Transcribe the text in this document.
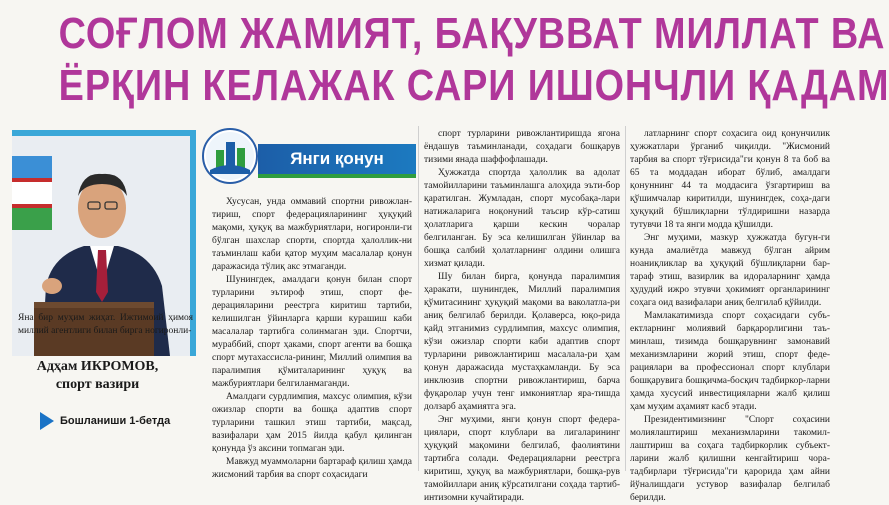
СОҒЛОМ ЖАМИЯТ, БАҚУВВАТ МИЛЛАТ ВА
ЁРҚИН КЕЛАЖАК САРИ ИШОНЧЛИ ҚАДАМ
Адҳам ИКРОМОВ,
спорт вазири
Бошланиши 1-бетда
Яна бир муҳим жиҳат. Ижтимоий ҳимоя миллий агентлиги билан бирга ногиронли-
Янги қонун

Хусусан, унда оммавий спортни ривожлан-тириш, спорт федерацияларининг ҳуқуқий мақоми, ҳуқуқ ва мажбуриятлари, ногиронли-ги бўлган шахслар спорти, спортда ҳалоллик-ни таъминлаш каби қатор муҳим масалалар қонун даражасида тўлиқ акс этмаганди.

Шунингдек, амалдаги қонун билан спорт турларини эътироф этиш, спорт фе-дерацияларини реестрга киритиш тартиби, келишилган ўйинларга қарши курашиш каби масалалар тартибга солинмаган эди. Спортчи, мураббий, спорт ҳаками, спорт агенти ва бошқа спорт мутахассисла-рининг, Миллий олимпия ва паралимпия қўмиталарининг ҳуқуқ ва мажбуриятлари белгиланмаганди.

Амалдаги сурдлимпия, махсус олимпия, кўзи ожизлар спорти ва бошқа адаптив спорт турларини ташкил этиш тартиби, мақсад, вазифалари ҳам 2015 йилда қабул қилинган қонунда ўз аксини топмаган эди.

Мавжуд муаммоларни бартараф қилиш ҳамда жисмоний тарбия ва спорт соҳасидаги

спорт турларини ривожлантиришда ягона ёндашув таъминланади, соҳадаги бошқарув тизими янада шаффофлашади.

Ҳужжатда спортда ҳалоллик ва адолат тамойилларини таъминлашга алоҳида эъти-бор қаратилган. Жумладан, спорт мусобақа-лари натижаларига ноқонуний таъсир кўр-сатиш ҳолатларига қарши кескин чоралар белгиланган. Бу эса келишилган ўйинлар ва бошқа салбий ҳолатларнинг олдини олишга хизмат қилади.

Шу билан бирга, қонунда паралимпия ҳаракати, шунингдек, Миллий паралимпия қўмитасининг ҳуқуқий мақоми ва ваколатла-ри аниқ белгилаб берилди. Қолаверса, юқо-рида қайд этганимиз сурдлимпия, махсус олимпия, кўзи ожизлар спорти каби адаптив спорт турларини ривожлантириш масалала-ри ҳам қонун даражасида мустаҳкамланди. Бу эса инклюзив спортни ривожлантириш, барча фуқаролар учун тенг имкониятлар яра-тишда долзарб аҳамиятга эга.

Энг муҳими, янги қонун спорт федера-циялари, спорт клублари ва лигаларининг ҳуқуқий мақомини белгилаб, фаолиятини тартибга солади. Федерацияларни реестрга киритиш, ҳуқуқ ва мажбуриятлари, бошқа-рув тамойиллари аниқ кўрсатилгани соҳада тартиб-интизомни кучайтиради.

латларнинг спорт соҳасига оид қонунчилик ҳужжатлари ўрганиб чиқилди. "Жисмоний тарбия ва спорт тўғрисида"ги қонун 8 та боб ва 65 та моддадан иборат бўлиб, амалдаги қонуннинг 44 та моддасига ўзгартириш ва қўшимчалар киритилди, шунингдек, соҳа-даги ҳуқуқий бўшлиқларни тўлдиришни назарда тутувчи 18 та янги модда қўшилди.

Энг муҳими, мазкур ҳужжатда бугун-ги кунда амалиётда мавжуд бўлган айрим ноаниқликлар ва ҳуқуқий бўшлиқларни бар-тараф этиш, вазирлик ва идораларнинг ҳамда ҳудудий ижро этувчи ҳокимият органларининг соҳага оид вазифалари аниқ белгилаб қўйилди.

Мамлакатимизда спорт соҳасидаги субъ-ектларнинг молиявий барқарорлигини таъ-минлаш, тизимда бошқарувнинг замонавий механизмларини жорий этиш, спорт феде-рациялари ва профессионал спорт клублари бошқарувига бошқичма-босқич тадбиркор-ларни ҳамда хусусий инвестицияларни жалб қилиш ҳам муҳим аҳамият касб этади.

Президентимизнинг "Спорт соҳасини молиялаштириш механизмларини такомил-лаштириш ва соҳага тадбиркорлик субъект-ларини жалб қилишни кенгайтириш чора-тадбирлари тўғрисида"ги қарорида ҳам айни йўналишдаги устувор вазифалар белгилаб берилди.
